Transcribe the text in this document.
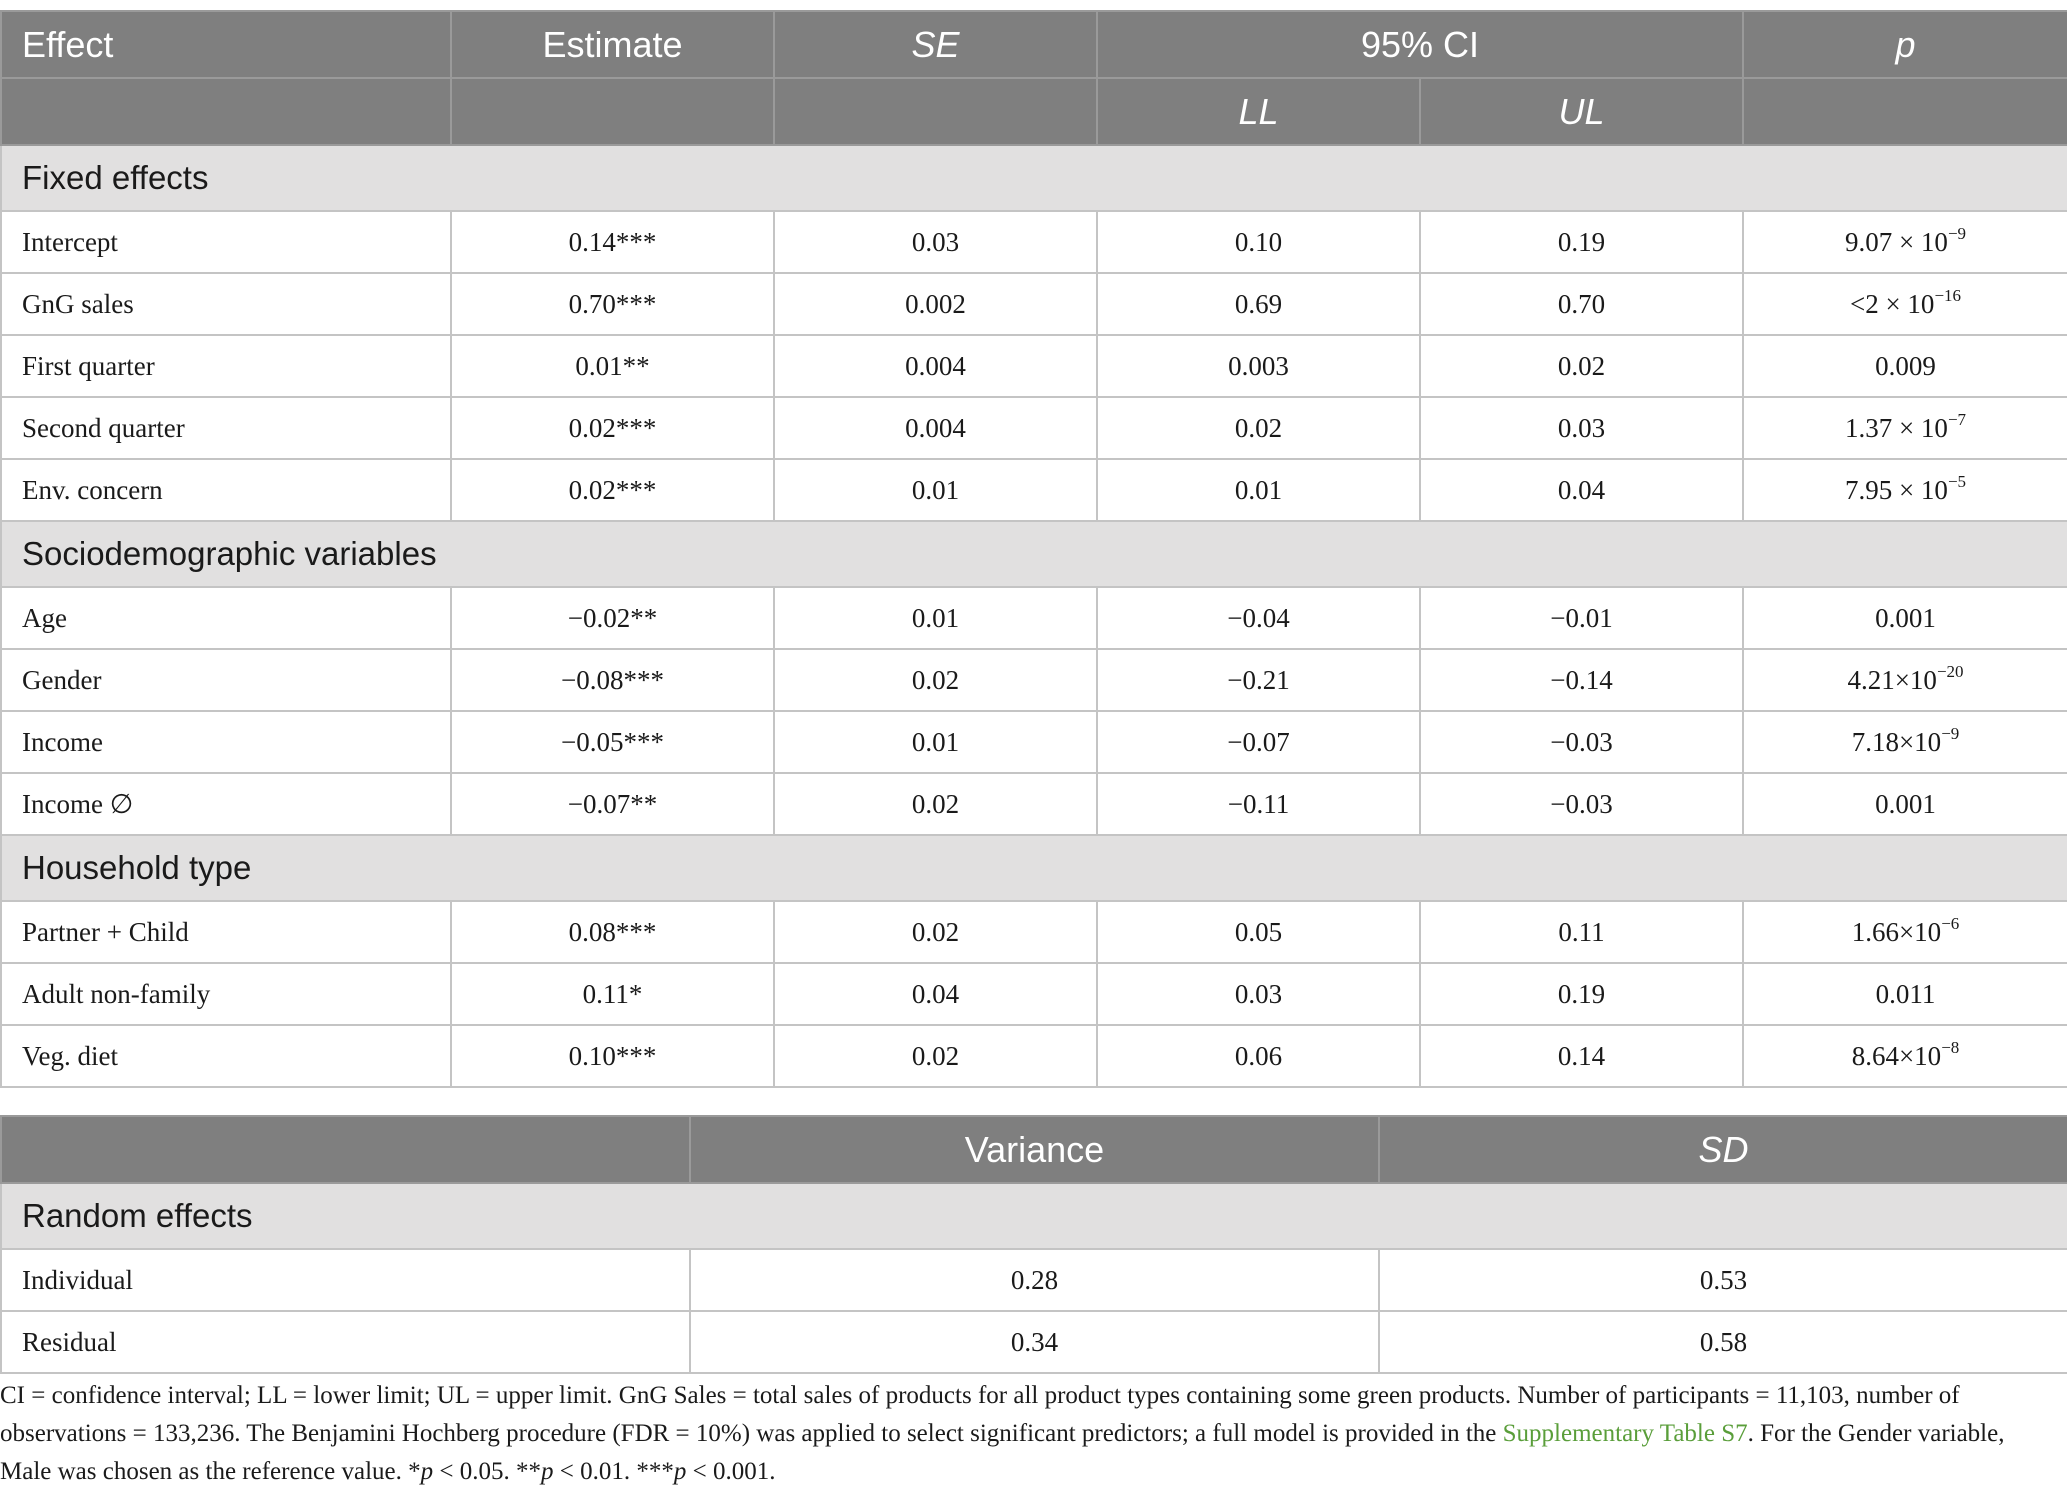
Effect	Estimate	SE	95% CI		p
			LL	UL	
Fixed effects					
Intercept	0.14***	0.03	0.10	0.19	$9.07 \times 10^{-9}$
GnG sales	0.70***	0.002	0.69	0.70	$<2 \times 10^{-16}$
First quarter	0.01**	0.004	0.003	0.02	0.009
Second quarter	0.02***	0.004	0.02	0.03	$1.37 \times 10^{-7}$
Env. concern	0.02***	0.01	0.01	0.04	$7.95 \times 10^{-5}$
Sociodemographic variables					
Age	−0.02**	0.01	−0.04	−0.01	0.001
Gender	−0.08***	0.02	−0.21	−0.14	$4.21\times 10^{-20}$
Income	−0.05***	0.01	−0.07	−0.03	$7.18\times 10^{-9}$
Income ∅	−0.07**	0.02	−0.11	−0.03	0.001
Household type					
Partner + Child	0.08***	0.02	0.05	0.11	$1.66\times 10^{-6}$
Adult non-family	0.11*	0.04	0.03	0.19	0.011
Veg. diet	0.10***	0.02	0.06	0.14	$8.64\times 10^{-8}$
	Variance	SD
Random effects		
Individual	0.28	0.53
Residual	0.34	0.58
CI = confidence interval; LL = lower limit; UL = upper limit. GnG Sales = total sales of products for all product types containing some green products. Number of participants = 11,103, number of observations = 133,236. The Benjamini Hochberg procedure (FDR = 10%) was applied to select significant predictors; a full model is provided in the Supplementary Table S7. For the Gender variable, Male was chosen as the reference value. *p < 0.05. **p < 0.01. ***p < 0.001.
